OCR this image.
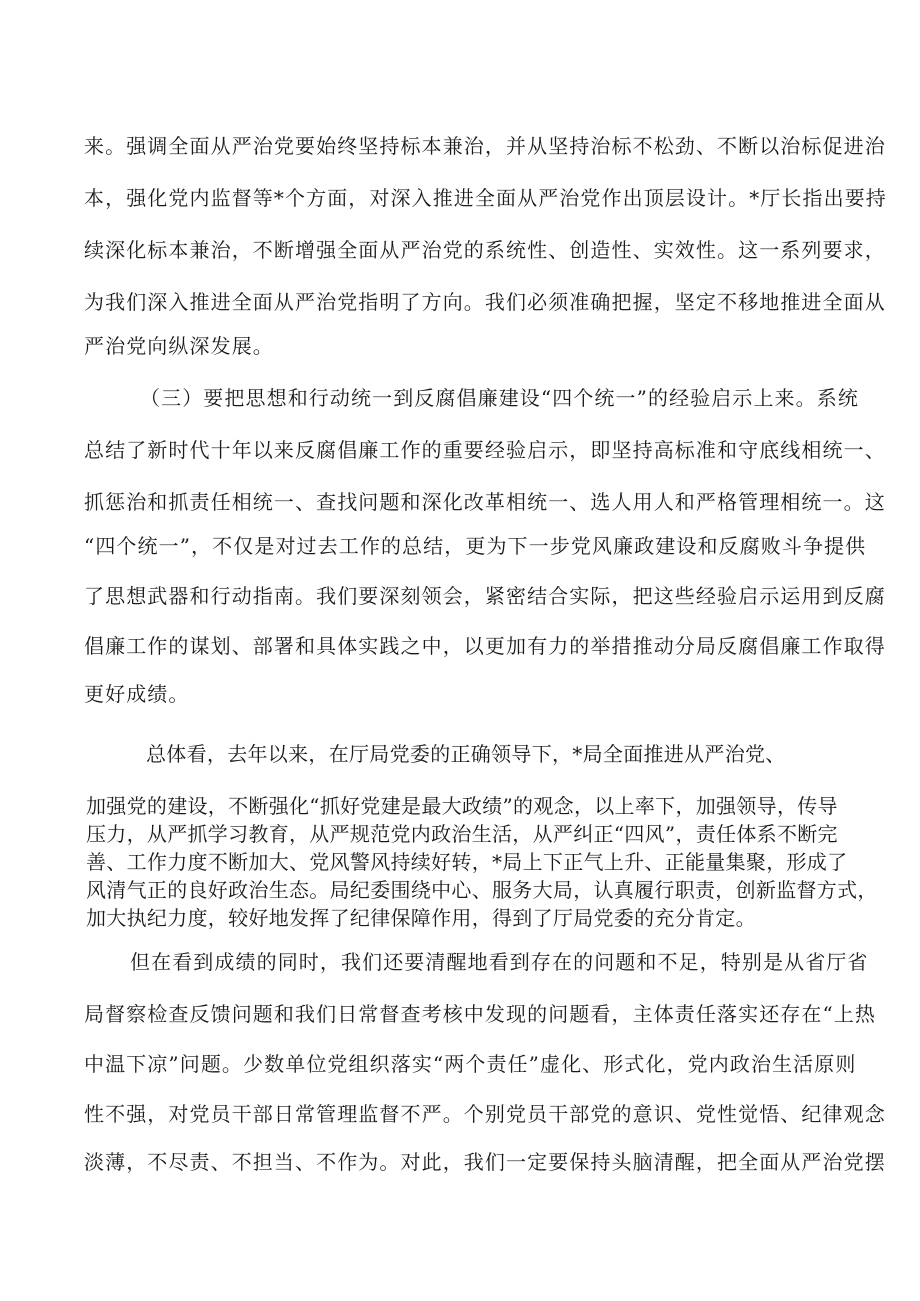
来。强调全面从严治党要始终坚持标本兼治，并从坚持治标不松劲、不断以治标促进治

本，强化党内监督等*个方面，对深入推进全面从严治党作出顶层设计。*厅长指出要持

续深化标本兼治，不断增强全面从严治党的系统性、创造性、实效性。这一系列要求，

为我们深入推进全面从严治党指明了方向。我们必须准确把握，坚定不移地推进全面从

严治党向纵深发展。

（三）要把思想和行动统一到反腐倡廉建设“四个统一”的经验启示上来。系统

总结了新时代十年以来反腐倡廉工作的重要经验启示，即坚持高标准和守底线相统一、

抓惩治和抓责任相统一、查找问题和深化改革相统一、选人用人和严格管理相统一。这

“四个统一”，不仅是对过去工作的总结，更为下一步党风廉政建设和反腐败斗争提供

了思想武器和行动指南。我们要深刻领会，紧密结合实际，把这些经验启示运用到反腐

倡廉工作的谋划、部署和具体实践之中，以更加有力的举措推动分局反腐倡廉工作取得

更好成绩。

总体看，去年以来，在厅局党委的正确领导下，*局全面推进从严治党、

加强党的建设，不断强化“抓好党建是最大政绩”的观念，以上率下，加强领导，传导

压力，从严抓学习教育，从严规范党内政治生活，从严纠正“四风”，责任体系不断完

善、工作力度不断加大、党风警风持续好转，*局上下正气上升、正能量集聚，形成了

风清气正的良好政治生态。局纪委围绕中心、服务大局，认真履行职责，创新监督方式，

加大执纪力度，较好地发挥了纪律保障作用，得到了厅局党委的充分肯定。

但在看到成绩的同时，我们还要清醒地看到存在的问题和不足，特别是从省厅省

局督察检查反馈问题和我们日常督查考核中发现的问题看，主体责任落实还存在“上热

中温下凉”问题。少数单位党组织落实“两个责任”虚化、形式化，党内政治生活原则

性不强，对党员干部日常管理监督不严。个别党员干部党的意识、党性觉悟、纪律观念

淡薄，不尽责、不担当、不作为。对此，我们一定要保持头脑清醒，把全面从严治党摆
